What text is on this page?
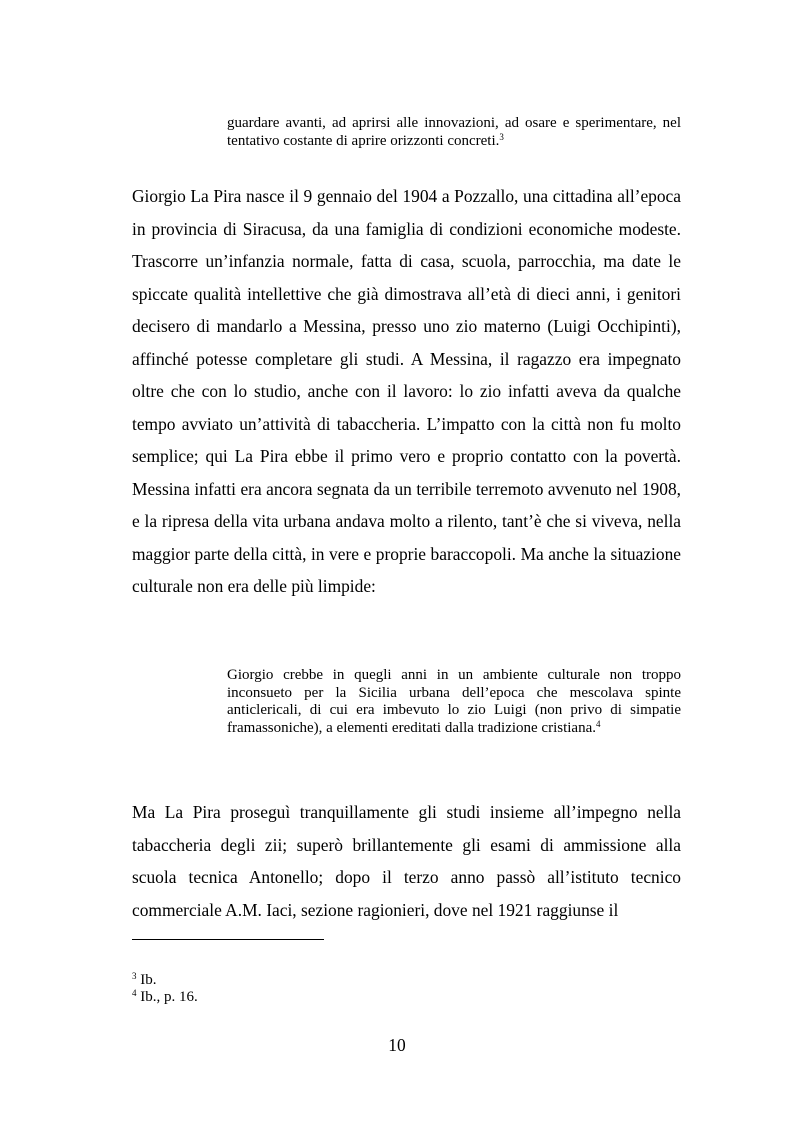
guardare avanti, ad aprirsi alle innovazioni, ad osare e sperimentare, nel tentativo costante di aprire orizzonti concreti.$^3$
Giorgio La Pira nasce il 9 gennaio del 1904 a Pozzallo, una cittadina all’epoca in provincia di Siracusa, da una famiglia di condizioni economiche modeste. Trascorre un’infanzia normale, fatta di casa, scuola, parrocchia, ma date le spiccate qualità intellettive che già dimostrava all’età di dieci anni, i genitori decisero di mandarlo a Messina, presso uno zio materno (Luigi Occhipinti), affinché potesse completare gli studi. A Messina, il ragazzo era impegnato oltre che con lo studio, anche con il lavoro: lo zio infatti aveva da qualche tempo avviato un’attività di tabaccheria. L’impatto con la città non fu molto semplice; qui La Pira ebbe il primo vero e proprio contatto con la povertà. Messina infatti era ancora segnata da un terribile terremoto avvenuto nel 1908, e la ripresa della vita urbana andava molto a rilento, tant’è che si viveva, nella maggior parte della città, in vere e proprie baraccopoli. Ma anche la situazione culturale non era delle più limpide:
Giorgio crebbe in quegli anni in un ambiente culturale non troppo inconsueto per la Sicilia urbana dell’epoca che mescolava spinte anticlericali, di cui era imbevuto lo zio Luigi (non privo di simpatie framassoniche), a elementi ereditati dalla tradizione cristiana.$^4$
Ma La Pira proseguì tranquillamente gli studi insieme all’impegno nella tabaccheria degli zii; superò brillantemente gli esami di ammissione alla scuola tecnica Antonello; dopo il terzo anno passò all’istituto tecnico commerciale A.M. Iaci, sezione ragionieri, dove nel 1921 raggiunse il
$^3$ Ib.
$^4$ Ib., p. 16.
10
